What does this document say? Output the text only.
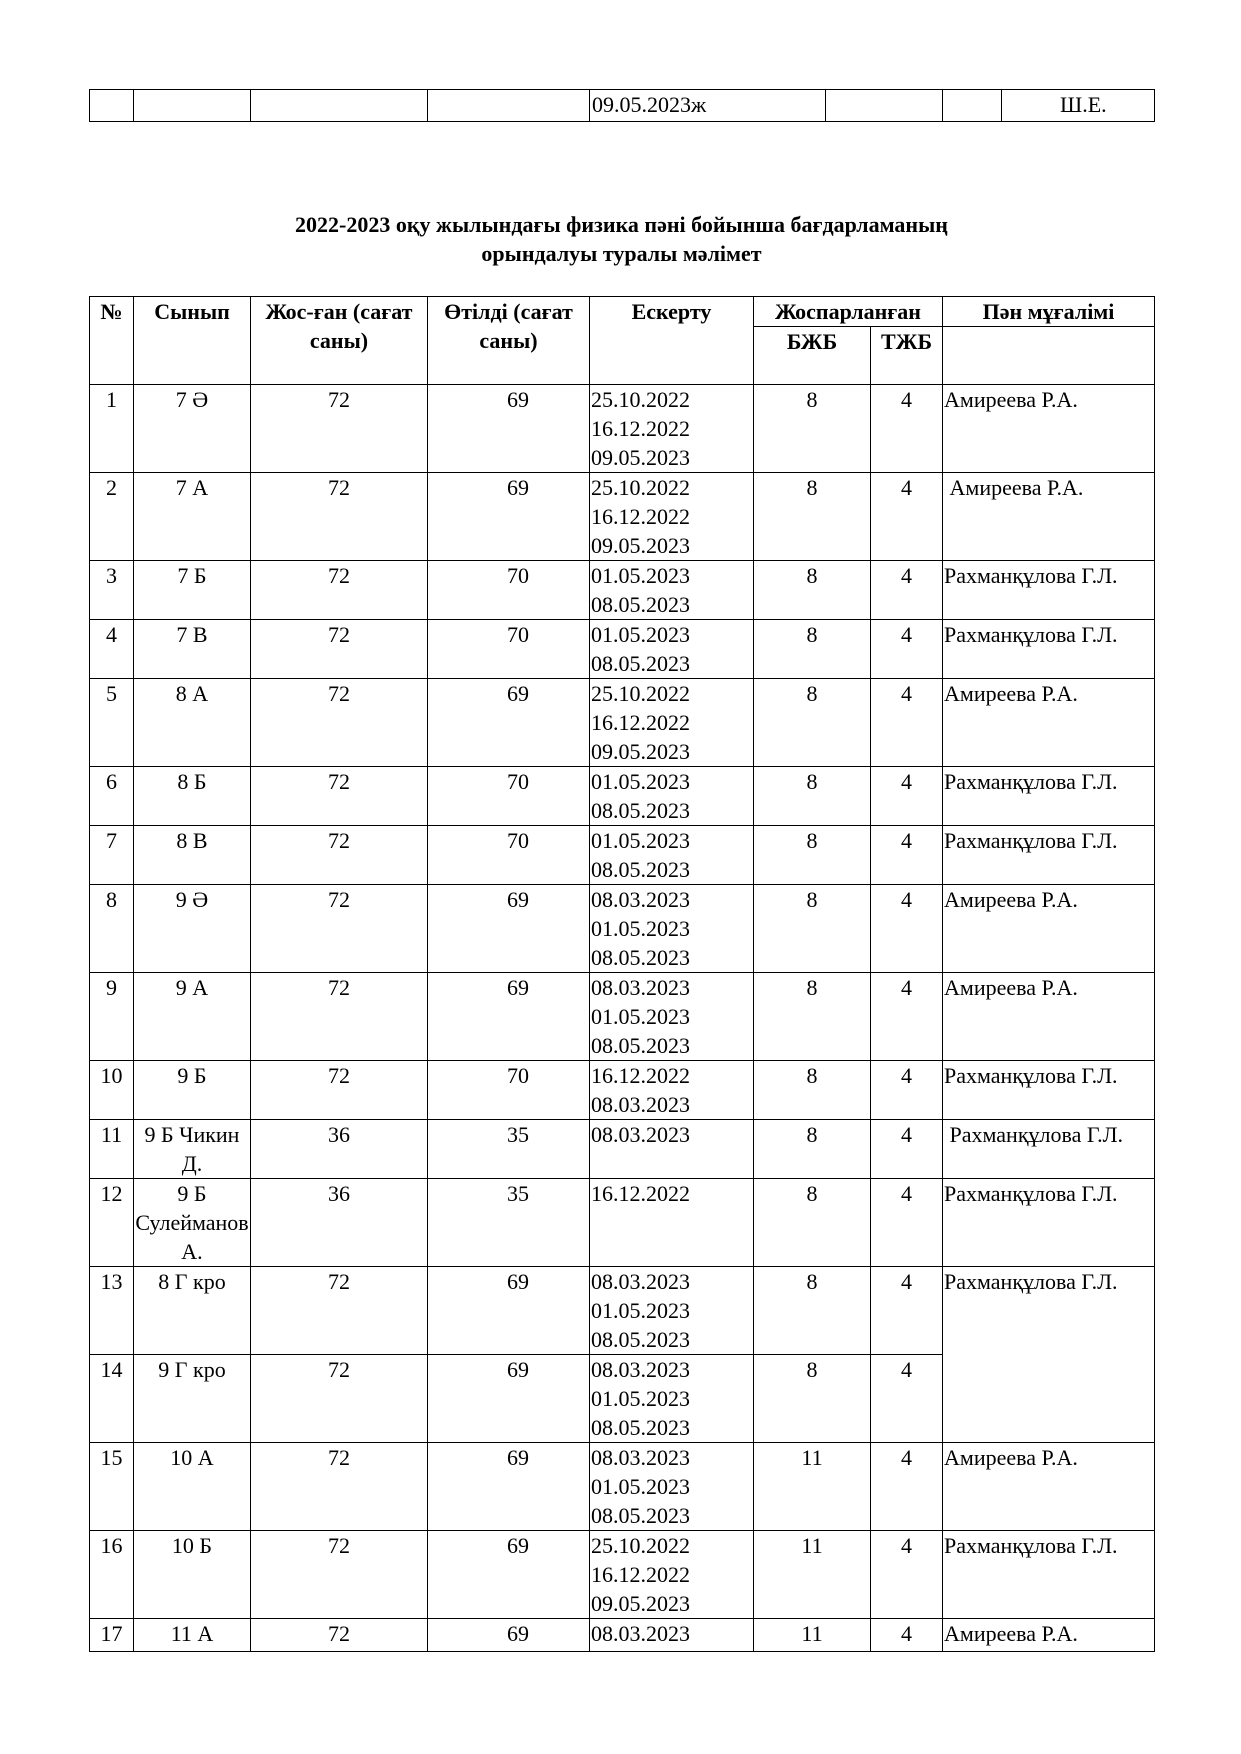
				09.05.2023ж			Ш.Е.
2022-2023 оқу жылындағы физика пәні бойынша бағдарламаның
орындалуы туралы мәлімет
№	Сынып	Жос-ған (сағат саны)	Өтілді (сағат саны)	Ескерту	Жоспарланған		Пән мұғалімі
					БЖБ	ТЖБ	
1	7 Ә	72	69	25.10.2022
16.12.2022
09.05.2023	8	4	Амиреева Р.А.
2	7 А	72	69	25.10.2022
16.12.2022
09.05.2023	8	4	Амиреева Р.А.
3	7 Б	72	70	01.05.2023
08.05.2023	8	4	Рахманқұлова Г.Л.
4	7 В	72	70	01.05.2023
08.05.2023	8	4	Рахманқұлова Г.Л.
5	8 А	72	69	25.10.2022
16.12.2022
09.05.2023	8	4	Амиреева Р.А.
6	8 Б	72	70	01.05.2023
08.05.2023	8	4	Рахманқұлова Г.Л.
7	8 В	72	70	01.05.2023
08.05.2023	8	4	Рахманқұлова Г.Л.
8	9 Ә	72	69	08.03.2023
01.05.2023
08.05.2023	8	4	Амиреева Р.А.
9	9 А	72	69	08.03.2023
01.05.2023
08.05.2023	8	4	Амиреева Р.А.
10	9 Б	72	70	16.12.2022
08.03.2023	8	4	Рахманқұлова Г.Л.
11	9 Б Чикин Д.	36	35	08.03.2023	8	4	Рахманқұлова Г.Л.
12	9 Б Сулейманов А.	36	35	16.12.2022	8	4	Рахманқұлова Г.Л.
13	8 Г кро	72	69	08.03.2023
01.05.2023
08.05.2023	8	4	Рахманқұлова Г.Л.
14	9 Г кро	72	69	08.03.2023
01.05.2023
08.05.2023	8	4	
15	10 А	72	69	08.03.2023
01.05.2023
08.05.2023	11	4	Амиреева Р.А.
16	10 Б	72	69	25.10.2022
16.12.2022
09.05.2023	11	4	Рахманқұлова Г.Л.
17	11 А	72	69	08.03.2023	11	4	Амиреева Р.А.
